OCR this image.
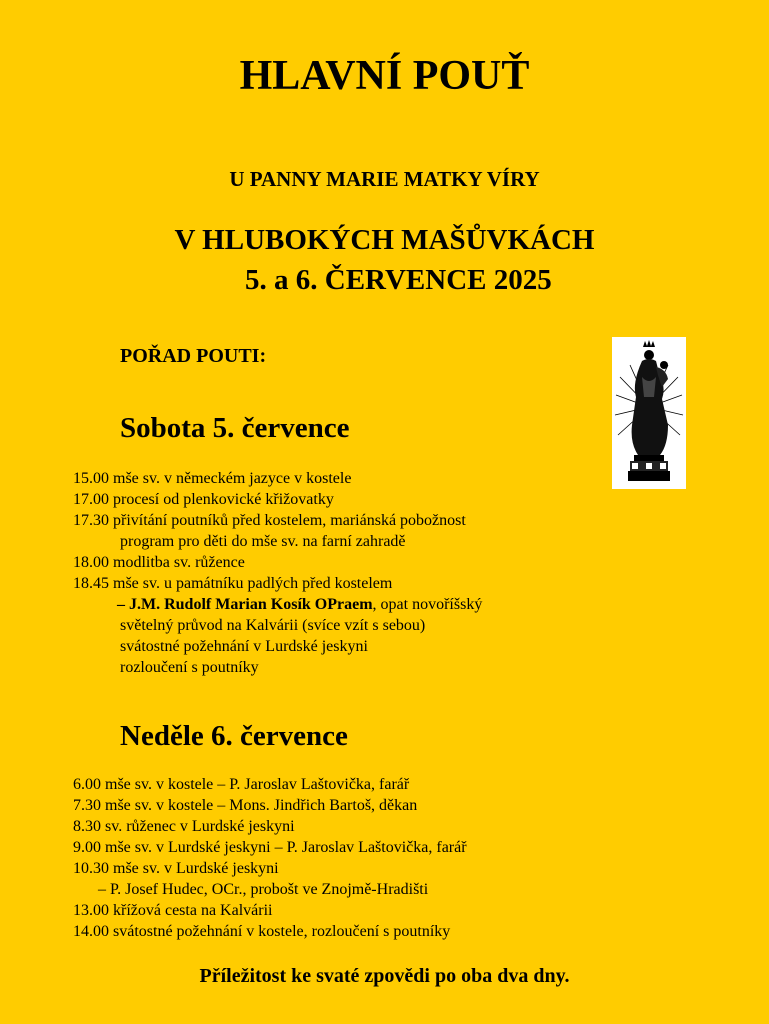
HLAVNÍ POUŤ
U PANNY MARIE MATKY VÍRY
V HLUBOKÝCH MAŠŮVKÁCH
5. a 6. ČERVENCE 2025
POŘAD POUTI:
Sobota 5. července
15.00 mše sv. v německém jazyce v kostele
17.00 procesí od plenkovické křižovatky
17.30 přivítání poutníků před kostelem, mariánská pobožnost
program pro děti do mše sv. na farní zahradě
18.00 modlitba sv. růžence
18.45 mše sv. u památníku padlých před kostelem
– J.M. Rudolf Marian Kosík OPraem, opat novoříšský
světelný průvod na Kalvárii (svíce vzít s sebou)
svátostné požehnání v Lurdské jeskyni
rozloučení s poutníky
Neděle 6. července
6.00 mše sv. v kostele – P. Jaroslav Laštovička, farář
7.30 mše sv. v kostele – Mons. Jindřich Bartoš, děkan
8.30 sv. růženec v Lurdské jeskyni
9.00 mše sv. v Lurdské jeskyni – P. Jaroslav Laštovička, farář
10.30 mše sv. v Lurdské jeskyni
– P. Josef Hudec, OCr., probošt ve Znojmě-Hradišti
13.00 křížová cesta na Kalvárii
14.00 svátostné požehnání v kostele, rozloučení s poutníky
Příležitost ke svaté zpovědi po oba dva dny.
